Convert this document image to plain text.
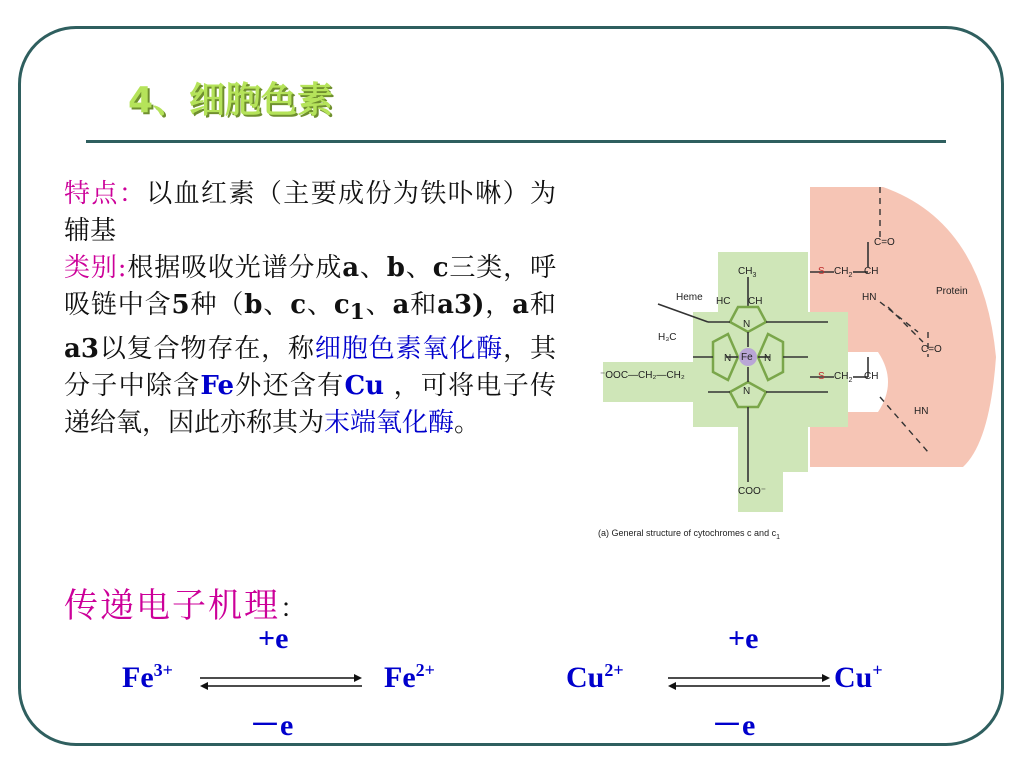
4、细胞色素
特点：以血红素（主要成份为铁卟啉）为辅基
类别:根据吸收光谱分成a、b、c三类，呼吸链中含5种（b、c、$c_1$、a和a3)，a和a3以复合物存在，称细胞色素氧化酶，其分子中除含Fe外还含有Cu ，可将电子传递给氧，因此亦称其为末端氧化酶。
Fe
N
N
N	N
Heme
Protein
$CH_3$
CH
HC
S
S
$CH_2$
$CH_2$
CH
CH
C=O
C=O
HN
HN
H₃C
⁻OOC—CH₂—CH₂
COO⁻
(a) General structure of cytochromes c and $c_1$
传递电子机理：
+e
$Fe^{3+}$	$Fe^{2+}$
－e
+e
$Cu^{2+}$	Cu+
－e
